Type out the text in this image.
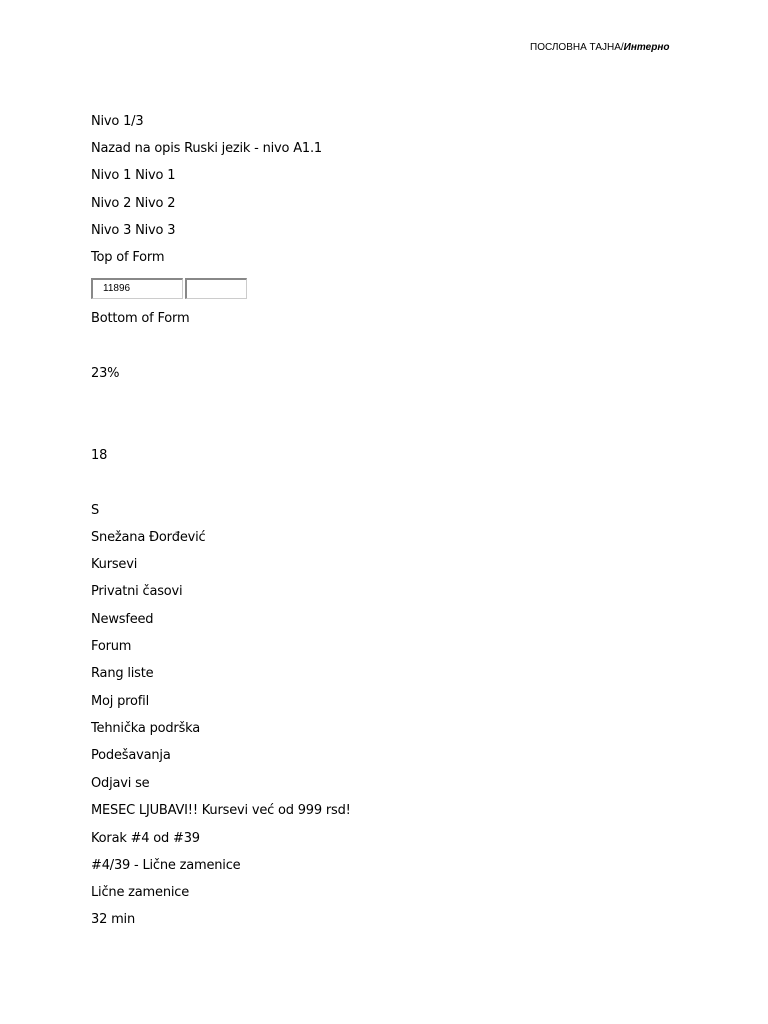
ПОСЛОВНА ТАЈНА/Интерно
Nivo 1/3
Nazad na opis Ruski jezik - nivo A1.1
Nivo 1 Nivo 1
Nivo 2 Nivo 2
Nivo 3 Nivo 3
Top of Form
11896
Bottom of Form
23%
18
S
Snežana Đorđević
Kursevi
Privatni časovi
Newsfeed
Forum
Rang liste
Moj profil
Tehnička podrška
Podešavanja
Odjavi se
MESEC LJUBAVI!! Kursevi već od 999 rsd!
Korak #4 od #39
#4/39 - Lične zamenice
Lične zamenice
32 min
